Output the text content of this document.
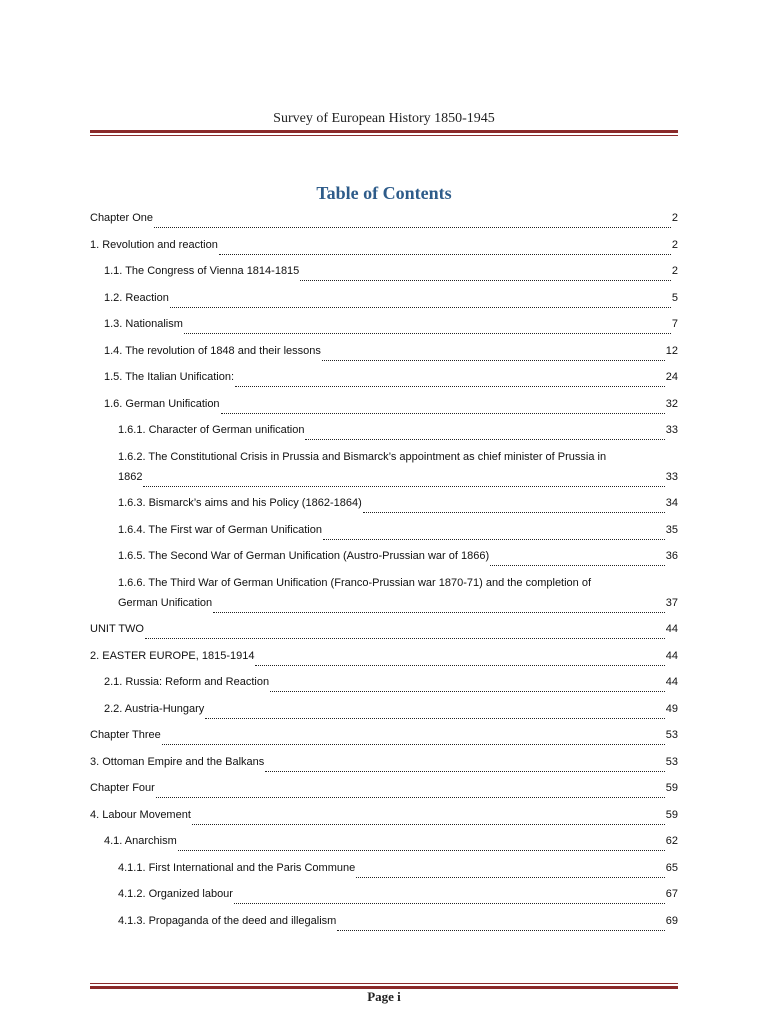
Survey of European History 1850-1945
Table of Contents
Chapter One	2
1. Revolution and reaction	2
1.1. The Congress of Vienna 1814-1815	2
1.2. Reaction	5
1.3. Nationalism	7
1.4. The revolution of 1848 and their lessons	12
1.5. The Italian Unification:	24
1.6. German Unification	32
1.6.1. Character of German unification	33
1.6.2. The Constitutional Crisis in Prussia and Bismarck’s appointment as chief minister of Prussia in
1862	33
1.6.3. Bismarck’s aims and his Policy (1862-1864)	34
1.6.4. The First war of German Unification	35
1.6.5. The Second War of German Unification (Austro-Prussian war of 1866)	36
1.6.6. The Third War of German Unification (Franco-Prussian war 1870-71) and the completion of
German Unification	37
UNIT TWO	44
2. EASTER EUROPE, 1815-1914	44
2.1. Russia: Reform and Reaction	44
2.2. Austria-Hungary	49
Chapter Three	53
3. Ottoman Empire and the Balkans	53
Chapter Four	59
4. Labour Movement	59
4.1. Anarchism	62
4.1.1. First International and the Paris Commune	65
4.1.2. Organized labour	67
4.1.3. Propaganda of the deed and illegalism	69
Page i
